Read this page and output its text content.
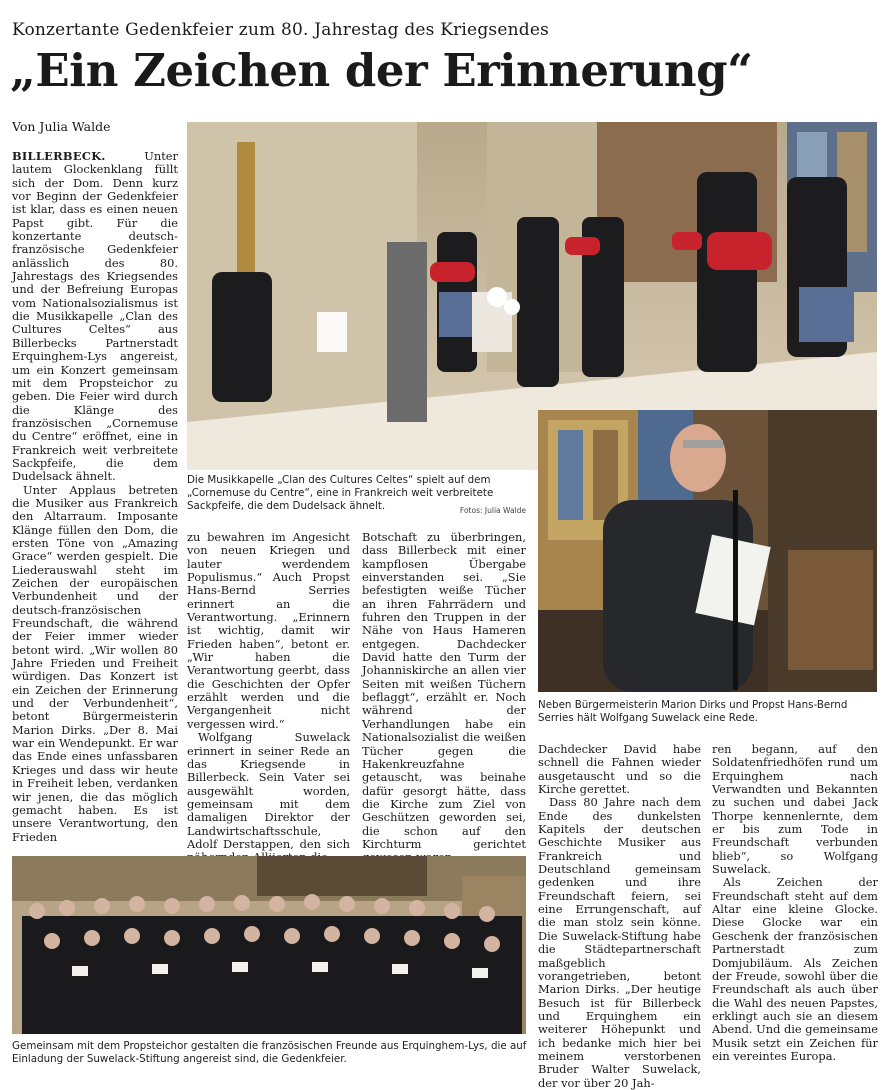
Konzertante Gedenkfeier zum 80. Jahrestag des Kriegsendes
„Ein Zeichen der Erinnerung“
Von Julia Walde

BILLERBECK.	Unter lautem Glockenklang füllt sich der Dom. Denn kurz vor Beginn der Gedenkfeier ist klar, dass es einen neuen Papst gibt. Für die konzertante deutsch-französische Gedenkfeier anlässlich des 80. Jahrestags des Kriegsendes und der Befreiung Europas vom Nationalsozialismus ist die Musikkapelle „Clan des Cultures Celtes“ aus Billerbecks Partnerstadt Erquinghem-Lys angereist, um ein Konzert gemeinsam mit dem Propsteichor zu geben. Die Feier wird durch die Klänge des französischen „Cornemuse du Centre“ eröffnet, eine in Frankreich weit verbreitete Sackpfeife, die dem Dudelsack ähnelt.

Unter Applaus betreten die Musiker aus Frankreich den Altarraum. Imposante Klänge füllen den Dom, die ersten Töne von „Amazing Grace“ werden gespielt. Die Liederauswahl steht im Zeichen der europäischen Verbundenheit und der deutsch-französischen Freundschaft, die während der Feier immer wieder betont wird. „Wir wollen 80 Jahre Frieden und Freiheit würdigen. Das Konzert ist ein Zeichen der Erinnerung und der Verbundenheit“, betont Bürgermeisterin Marion Dirks. „Der 8. Mai war ein Wendepunkt. Er war das Ende eines unfassbaren Krieges und dass wir heute in Freiheit leben, verdanken wir jenen, die das möglich gemacht haben. Es ist unsere Verantwortung, den Frieden

zu bewahren im Angesicht von neuen Kriegen und lauter werdendem Populismus.“ Auch Propst Hans-Bernd Serries erinnert an die Verantwortung. „Erinnern ist wichtig, damit wir Frieden haben“, betont er. „Wir haben die Verantwortung geerbt, dass die Geschichten der Opfer erzählt werden und die Vergangenheit nicht vergessen wird.“

Wolfgang Suwelack erinnert in seiner Rede an das Kriegsende in Billerbeck. Sein Vater sei ausgewählt worden, gemeinsam mit dem damaligen Direktor der Landwirtschaftsschule, Adolf Derstappen, den sich

Botschaft zu überbringen, dass Billerbeck mit einer kampflosen Übergabe einverstanden sei. „Sie befestigten weiße Tücher an ihren Fahrrädern und fuhren den Truppen in der Nähe von Haus Hameren entgegen. Dachdecker David hatte den Turm der Johanniskirche an allen vier Seiten mit weißen Tüchern beflaggt“, erzählt er. Noch während der Verhandlungen habe ein Nationalsozialist die weißen Tücher gegen die Hakenkreuzfahne getauscht, was beinahe dafür gesorgt hätte, dass die Kirche zum Ziel von Geschützen geworden sei, die schon auf den Kirchturm gerichtet

Dachdecker David habe schnell die Fahnen wieder ausgetauscht und so die Kirche gerettet.

Dass 80 Jahre nach dem Ende des dunkelsten Kapitels der deutschen Geschichte Musiker aus Frankreich und Deutschland gemeinsam gedenken und ihre Freundschaft feiern, sei eine Errungenschaft, auf die man stolz sein könne. Die Suwelack-Stiftung habe die Städtepartnerschaft maßgeblich vorangetrieben, betont Marion Dirks. „Der heutige Besuch ist für Billerbeck und Erquinghem ein weiterer Höhepunkt und ich bedanke mich hier bei meinem verstorbenen Bruder Walter Suwelack, der vor über 20 Jah-

ren begann, auf den Soldatenfriedhöfen rund um Erquinghem nach Verwandten und Bekannten zu suchen und dabei Jack Thorpe kennenlernte, dem er bis zum Tode in Freundschaft verbunden blieb“, so Wolfgang Suwelack.

Als Zeichen der Freundschaft steht auf dem Altar eine kleine Glocke. Diese Glocke war ein Geschenk der französischen Partnerstadt zum Domjubiläum. Als Zeichen der Freude, sowohl über die Freundschaft als auch über die Wahl des neuen Papstes, erklingt auch sie an diesem Abend. Und die gemeinsame Musik setzt ein Zeichen für ein vereintes Europa.

Die Musikkapelle „Clan des Cultures Celtes“ spielt auf dem „Cornemuse du Centre“, eine in Frankreich weit verbreitete Sackpfeife, die dem Dudelsack ähnelt.	Fotos: Julia Walde
Neben Bürgermeisterin Marion Dirks und Propst Hans-Bernd Serries hält Wolfgang Suwelack eine Rede.
Gemeinsam mit dem Propsteichor gestalten die französischen Freunde aus Erquinghem-Lys, die auf Einladung der Suwelack-Stiftung angereist sind, die Gedenkfeier.
